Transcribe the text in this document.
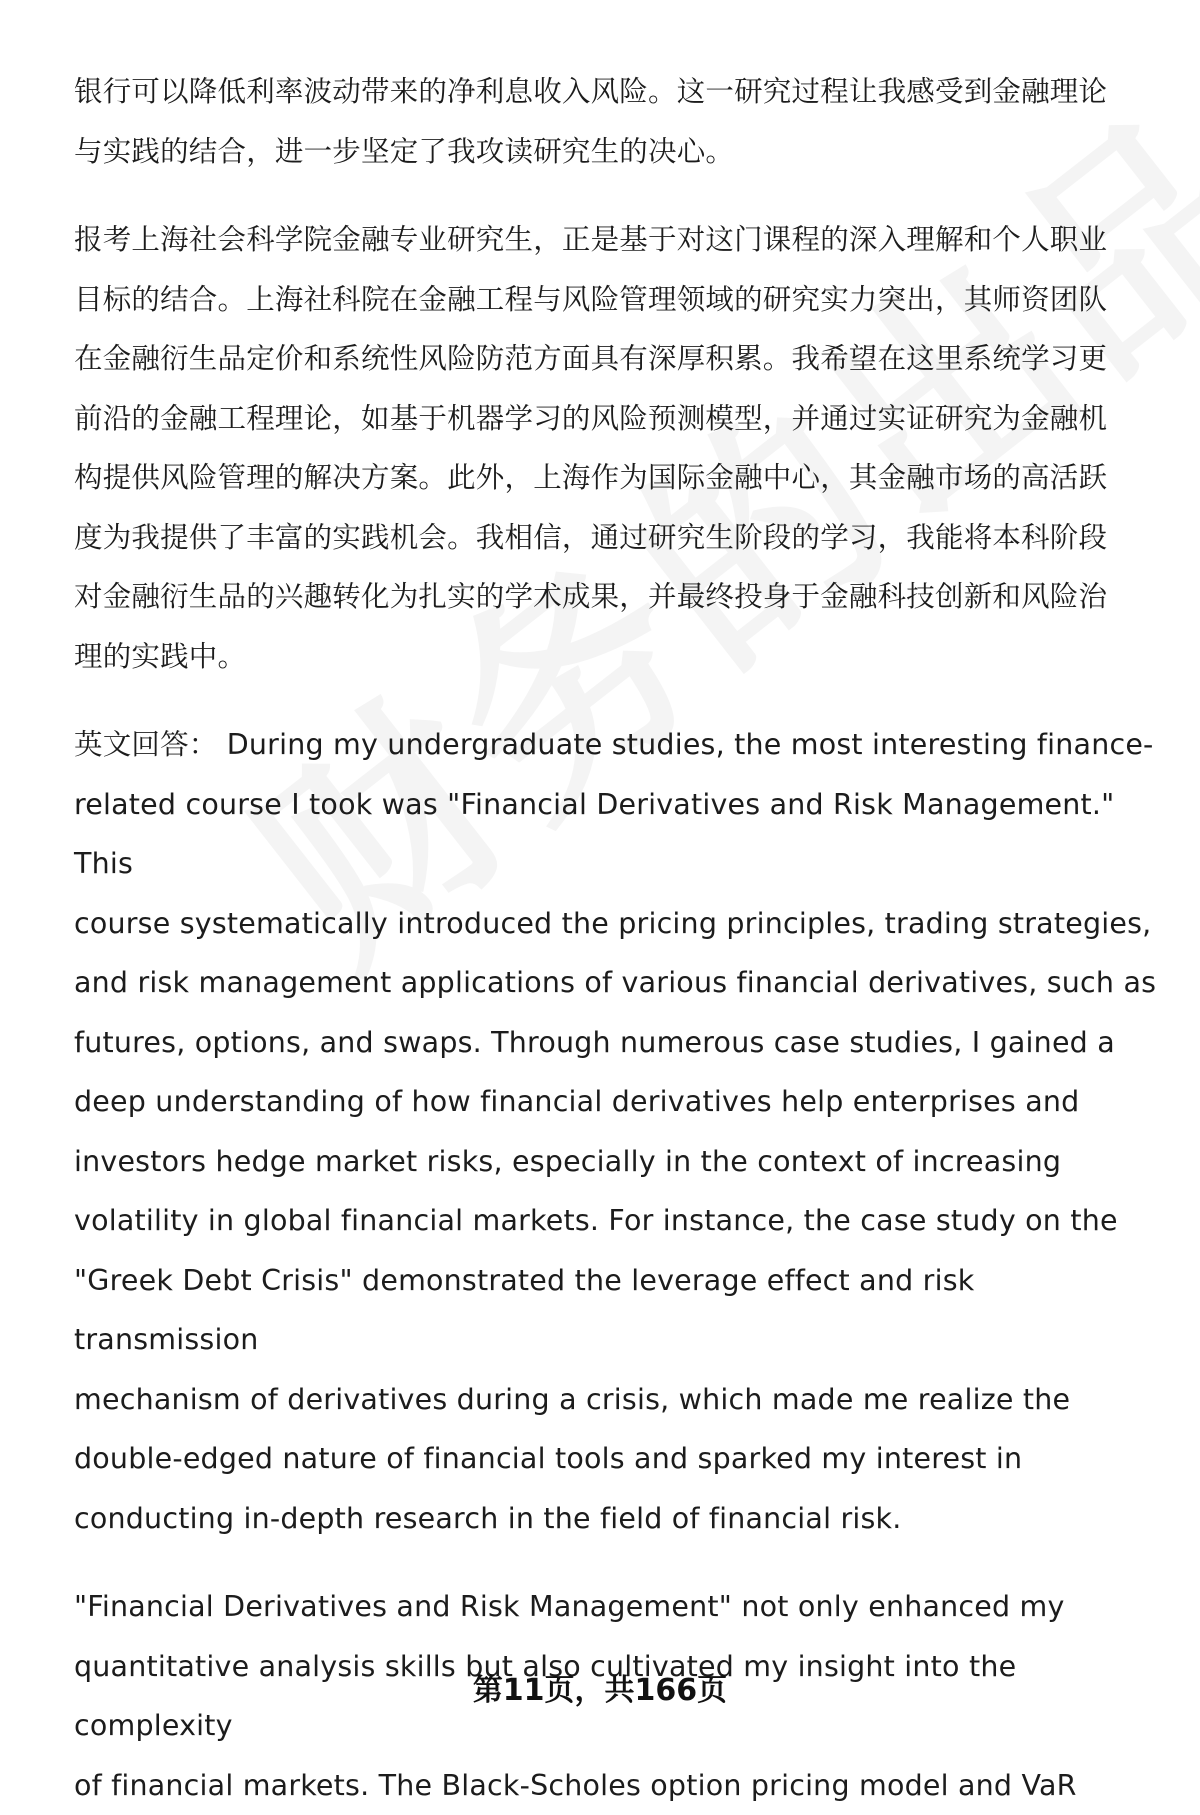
银行可以降低利率波动带来的净利息收入风险。这一研究过程让我感受到金融理论
与实践的结合，进一步坚定了我攻读研究生的决心。

报考上海社会科学院金融专业研究生，正是基于对这门课程的深入理解和个人职业
目标的结合。上海社科院在金融工程与风险管理领域的研究实力突出，其师资团队
在金融衍生品定价和系统性风险防范方面具有深厚积累。我希望在这里系统学习更
前沿的金融工程理论，如基于机器学习的风险预测模型，并通过实证研究为金融机
构提供风险管理的解决方案。此外，上海作为国际金融中心，其金融市场的高活跃
度为我提供了丰富的实践机会。我相信，通过研究生阶段的学习，我能将本科阶段
对金融衍生品的兴趣转化为扎实的学术成果，并最终投身于金融科技创新和风险治
理的实践中。

英文回答： During my undergraduate studies, the most interesting finance-
related course I took was "Financial Derivatives and Risk Management." This
course systematically introduced the pricing principles, trading strategies,
and risk management applications of various financial derivatives, such as
futures, options, and swaps. Through numerous case studies, I gained a
deep understanding of how financial derivatives help enterprises and
investors hedge market risks, especially in the context of increasing
volatility in global financial markets. For instance, the case study on the
"Greek Debt Crisis" demonstrated the leverage effect and risk transmission
mechanism of derivatives during a crisis, which made me realize the
double-edged nature of financial tools and sparked my interest in
conducting in-depth research in the field of financial risk.

"Financial Derivatives and Risk Management" not only enhanced my
quantitative analysis skills but also cultivated my insight into the complexity
of financial markets. The Black-Scholes option pricing model and VaR

第11页，共166页
